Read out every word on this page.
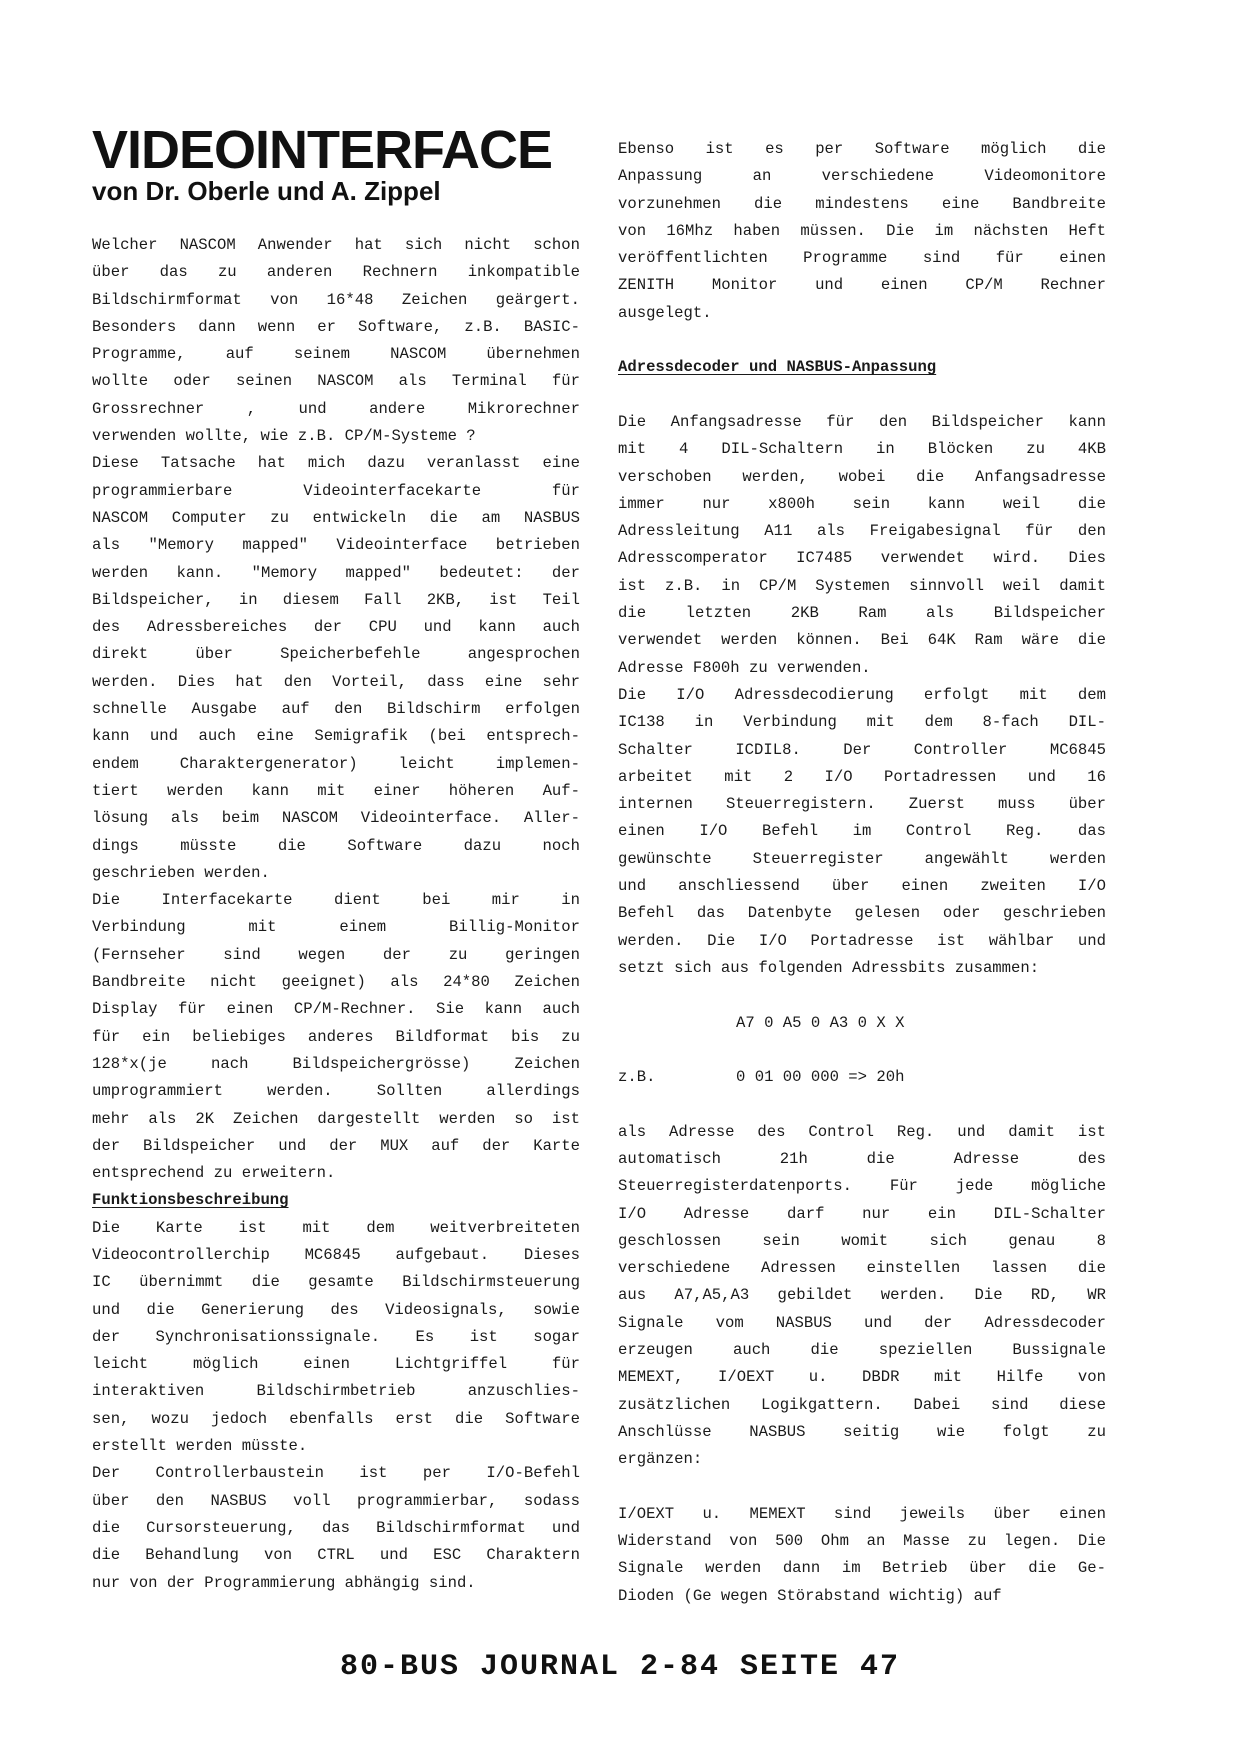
VIDEOINTERFACE
von Dr. Oberle und A. Zippel
Welcher NASCOM Anwender hat sich nicht schon
über das zu anderen Rechnern inkompatible
Bildschirmformat von 16*48 Zeichen geärgert.
Besonders dann wenn er Software, z.B. BASIC-
Programme, auf seinem NASCOM übernehmen
wollte oder seinen NASCOM als Terminal für
Grossrechner , und andere Mikrorechner
verwenden wollte, wie z.B. CP/M-Systeme ?
Diese Tatsache hat mich dazu veranlasst eine
programmierbare Videointerfacekarte für
NASCOM Computer zu entwickeln die am NASBUS
als "Memory mapped" Videointerface betrieben
werden kann. "Memory mapped" bedeutet: der
Bildspeicher, in diesem Fall 2KB, ist Teil
des Adressbereiches der CPU und kann auch
direkt über Speicherbefehle angesprochen
werden. Dies hat den Vorteil, dass eine sehr
schnelle Ausgabe auf den Bildschirm erfolgen
kann und auch eine Semigrafik (bei entsprech-
endem Charaktergenerator) leicht implemen-
tiert werden kann mit einer höheren Auf-
lösung als beim NASCOM Videointerface. Aller-
dings müsste die Software dazu noch
geschrieben werden.
Die Interfacekarte dient bei mir in
Verbindung mit einem Billig-Monitor
(Fernseher sind wegen der zu geringen
Bandbreite nicht geeignet) als 24*80 Zeichen
Display für einen CP/M-Rechner. Sie kann auch
für ein beliebiges anderes Bildformat bis zu
128*x(je nach Bildspeichergrösse) Zeichen
umprogrammiert werden. Sollten allerdings
mehr als 2K Zeichen dargestellt werden so ist
der Bildspeicher und der MUX auf der Karte
entsprechend zu erweitern.
Funktionsbeschreibung
Die Karte ist mit dem weitverbreiteten
Videocontrollerchip MC6845 aufgebaut. Dieses
IC übernimmt die gesamte Bildschirmsteuerung
und die Generierung des Videosignals, sowie
der Synchronisationssignale. Es ist sogar
leicht möglich einen Lichtgriffel für
interaktiven Bildschirmbetrieb anzuschlies-
sen, wozu jedoch ebenfalls erst die Software
erstellt werden müsste.
Der Controllerbaustein ist per I/O-Befehl
über den NASBUS voll programmierbar, sodass
die Cursorsteuerung, das Bildschirmformat und
die Behandlung von CTRL und ESC Charaktern
nur von der Programmierung abhängig sind.
Ebenso ist es per Software möglich die
Anpassung an verschiedene Videomonitore
vorzunehmen die mindestens eine Bandbreite
von 16Mhz haben müssen. Die im nächsten Heft
veröffentlichten Programme sind für einen
ZENITH Monitor und einen CP/M Rechner
ausgelegt.
Adressdecoder und NASBUS-Anpassung
Die Anfangsadresse für den Bildspeicher kann
mit 4 DIL-Schaltern in Blöcken zu 4KB
verschoben werden, wobei die Anfangsadresse
immer nur x800h sein kann weil die
Adressleitung A11 als Freigabesignal für den
Adresscomperator IC7485 verwendet wird. Dies
ist z.B. in CP/M Systemen sinnvoll weil damit
die letzten 2KB Ram als Bildspeicher
verwendet werden können. Bei 64K Ram wäre die
Adresse F800h zu verwenden.
Die I/O Adressdecodierung erfolgt mit dem
IC138 in Verbindung mit dem 8-fach DIL-
Schalter ICDIL8. Der Controller MC6845
arbeitet mit 2 I/O Portadressen und 16
internen Steuerregistern. Zuerst muss über
einen I/O Befehl im Control Reg. das
gewünschte Steuerregister angewählt werden
und anschliessend über einen zweiten I/O
Befehl das Datenbyte gelesen oder geschrieben
werden. Die I/O Portadresse ist wählbar und
setzt sich aus folgenden Adressbits zusammen:
A7 0 A5 0 A3 0 X X
z.B.	0 01 00 000 => 20h
als Adresse des Control Reg. und damit ist
automatisch 21h die Adresse des
Steuerregisterdatenports. Für jede mögliche
I/O Adresse darf nur ein DIL-Schalter
geschlossen sein womit sich genau 8
verschiedene Adressen einstellen lassen die
aus A7,A5,A3 gebildet werden. Die RD, WR
Signale vom NASBUS und der Adressdecoder
erzeugen auch die speziellen Bussignale
MEMEXT, I/OEXT u. DBDR mit Hilfe von
zusätzlichen Logikgattern. Dabei sind diese
Anschlüsse NASBUS seitig wie folgt zu
ergänzen:
I/OEXT u. MEMEXT sind jeweils über einen
Widerstand von 500 Ohm an Masse zu legen. Die
Signale werden dann im Betrieb über die Ge-
Dioden (Ge wegen Störabstand wichtig) auf
80-BUS JOURNAL 2-84 SEITE 47
